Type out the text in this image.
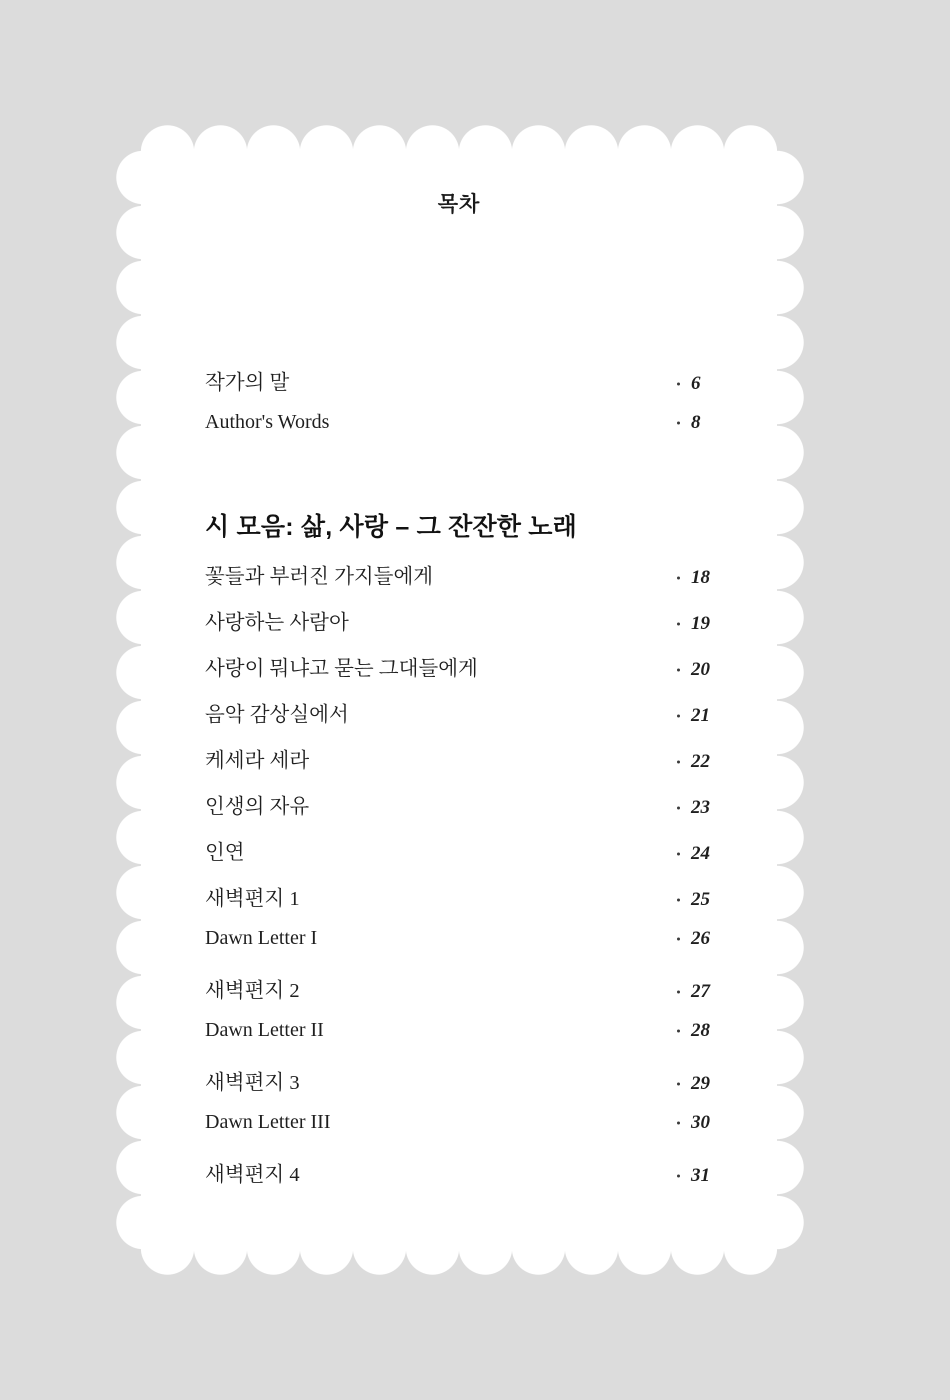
목차
작가의 말	6
Author's Words	8
시 모음: 삶, 사랑 – 그 잔잔한 노래
꽃들과 부러진 가지들에게	18
사랑하는 사람아	19
사랑이 뭐냐고 묻는 그대들에게	20
음악 감상실에서	21
케세라 세라	22
인생의 자유	23
인연	24
새벽편지 1	25
Dawn Letter I	26
새벽편지 2	27
Dawn Letter II	28
새벽편지 3	29
Dawn Letter III	30
새벽편지 4	31
